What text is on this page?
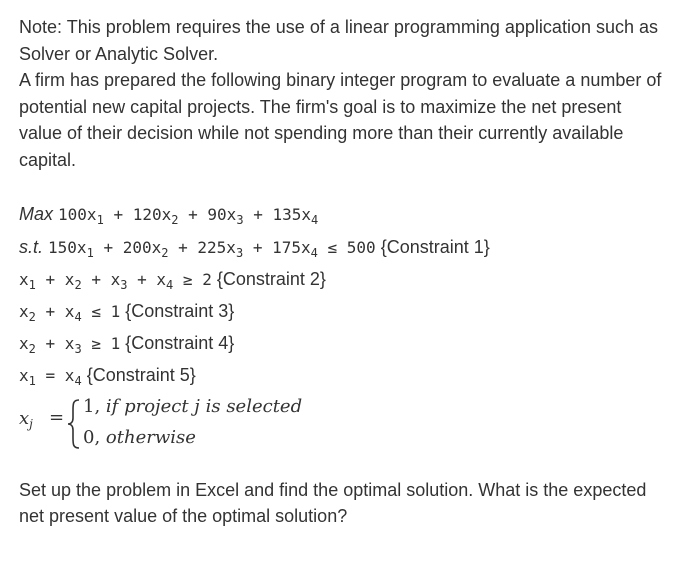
Note: This problem requires the use of a linear programming application such as Solver or Analytic Solver.

A firm has prepared the following binary integer program to evaluate a number of potential new capital projects. The firm's goal is to maximize the net present value of their decision while not spending more than their currently available capital.

Max $100x_1 + 120x_2 + 90x_3 + 135x_4$
s.t. $150x_1 + 200x_2 + 225x_3 + 175x_4 \le 500$ {Constraint 1}
$x_1 + x_2 + x_3 + x_4 \ge 2$ {Constraint 2}
$x_2 + x_4 \le 1$ {Constraint 3}
$x_2 + x_3 \ge 1$ {Constraint 4}
$x_1 = x_4$ {Constraint 5}
$x_j$ =
1, if project j is selected
0, otherwise
Set up the problem in Excel and find the optimal solution. What is the expected net present value of the optimal solution?
